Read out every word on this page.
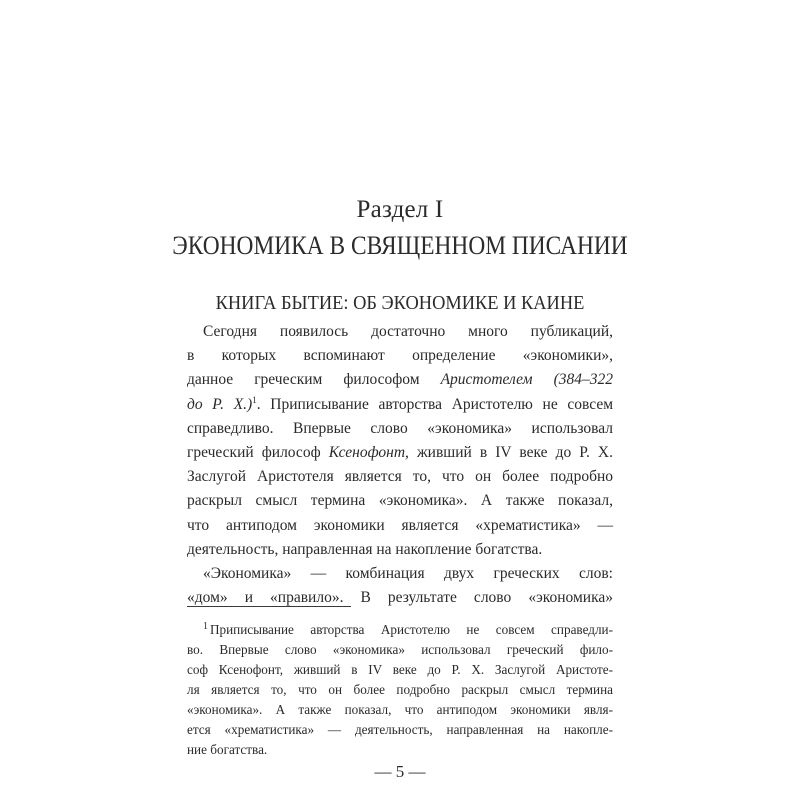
Раздел I
ЭКОНОМИКА В СВЯЩЕННОМ ПИСАНИИ
КНИГА БЫТИЕ: ОБ ЭКОНОМИКЕ И КАИНЕ
Сегодня появилось достаточно много публикаций,
в которых вспоминают определение «экономики»,
данное греческим философом Аристотелем (384–322
до Р. Х.)$^1$. Приписывание авторства Аристотелю не совсем
справедливо. Впервые слово «экономика» использовал
греческий философ Ксенофонт, живший в IV веке до Р. Х.
Заслугой Аристотеля является то, что он более подробно
раскрыл смысл термина «экономика». А также показал,
что антиподом экономики является «хрематистика» —
деятельность, направленная на накопление богатства.
«Экономика» — комбинация двух греческих слов:
«дом» и «правило». В результате слово «экономика»
$^1$ Приписывание авторства Аристотелю не совсем справедли-
во. Впервые слово «экономика» использовал греческий фило-
соф Ксенофонт, живший в IV веке до Р. Х. Заслугой Аристоте-
ля является то, что он более подробно раскрыл смысл термина
«экономика». А также показал, что антиподом экономики явля-
ется «хрематистика» — деятельность, направленная на накопле-
ние богатства.
— 5 —
